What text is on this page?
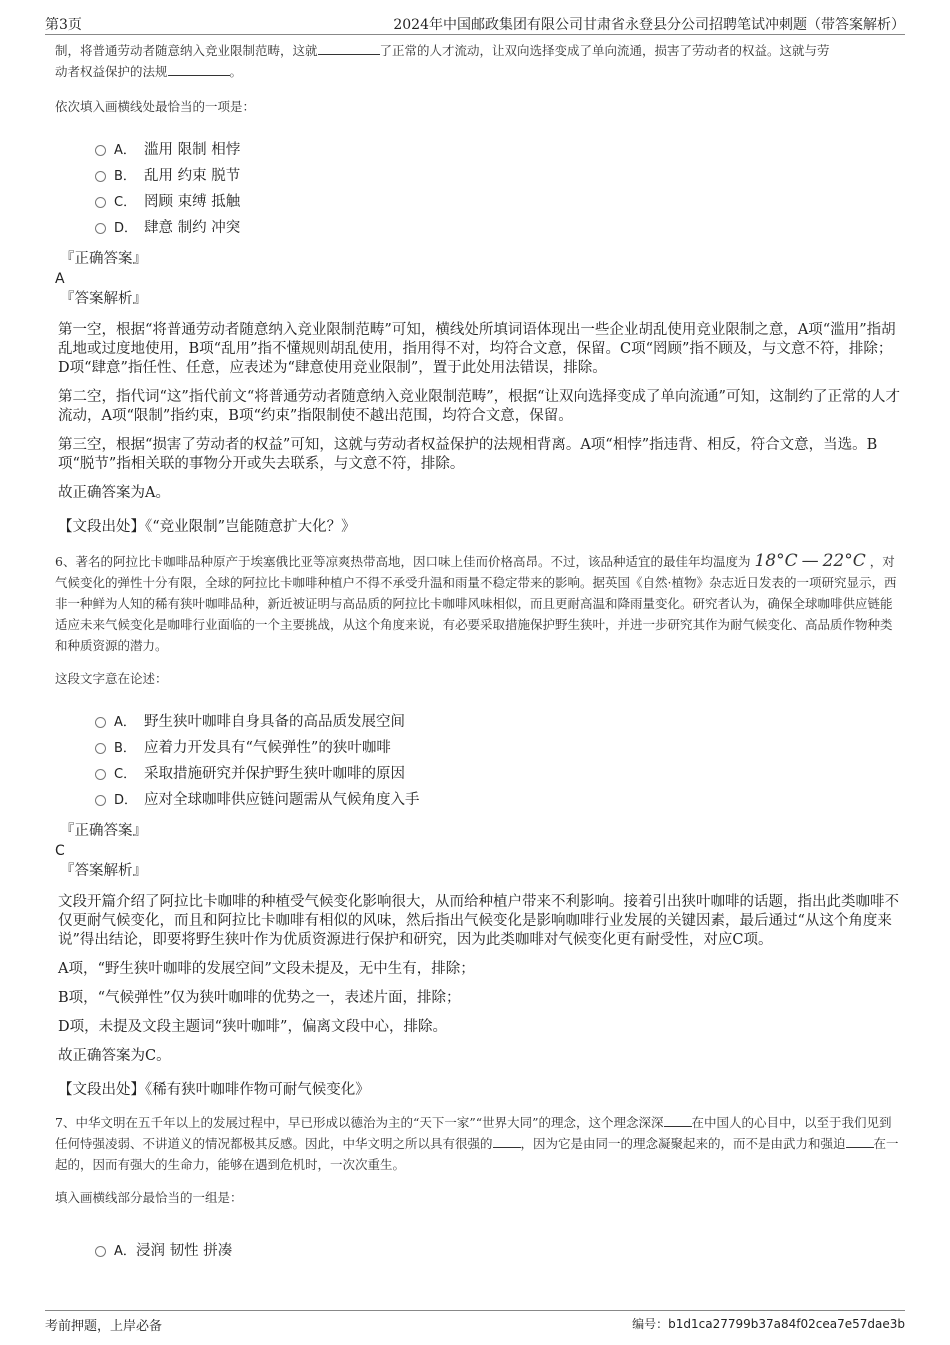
第3页	2024年中国邮政集团有限公司甘肃省永登县分公司招聘笔试冲刺题（带答案解析）

制，将普通劳动者随意纳入竞业限制范畴，这就	了正常的人才流动，让双向选择变成了单向流通，损害了劳动者的权益。这就与劳
动者权益保护的法规	。

依次填入画横线处最恰当的一项是：

A． 滥用 限制 相悖
B． 乱用 约束 脱节
C． 罔顾 束缚 抵触
D． 肆意 制约 冲突

『正确答案』

A

『答案解析』

第一空，根据“将普通劳动者随意纳入竞业限制范畴”可知，横线处所填词语体现出一些企业胡乱使用竞业限制之意，A项“滥用”指胡乱地或过度地使用，B项“乱用”指不懂规则胡乱使用，指用得不对，均符合文意，保留。C项“罔顾”指不顾及，与文意不符，排除；D项“肆意”指任性、任意，应表述为“肆意使用竞业限制”，置于此处用法错误，排除。

第二空，指代词“这”指代前文“将普通劳动者随意纳入竞业限制范畴”，根据“让双向选择变成了单向流通”可知，这制约了正常的人才流动，A项“限制”指约束，B项“约束”指限制使不越出范围，均符合文意，保留。

第三空，根据“损害了劳动者的权益”可知，这就与劳动者权益保护的法规相背离。A项“相悖”指违背、相反，符合文意，当选。B项“脱节”指相关联的事物分开或失去联系，与文意不符，排除。

故正确答案为A。

【文段出处】《“竞业限制”岂能随意扩大化？》

6、著名的阿拉比卡咖啡品种原产于埃塞俄比亚等凉爽热带高地，因口味上佳而价格高昂。不过，该品种适宜的最佳年均温度为 18°C — 22°C ，对气候变化的弹性十分有限，全球的阿拉比卡咖啡种植户不得不承受升温和雨量不稳定带来的影响。据英国《自然·植物》杂志近日发表的一项研究显示，西非一种鲜为人知的稀有狭叶咖啡品种，新近被证明与高品质的阿拉比卡咖啡风味相似，而且更耐高温和降雨量变化。研究者认为，确保全球咖啡供应链能适应未来气候变化是咖啡行业面临的一个主要挑战，从这个角度来说，有必要采取措施保护野生狭叶，并进一步研究其作为耐气候变化、高品质作物种类和种质资源的潜力。

这段文字意在论述：

A． 野生狭叶咖啡自身具备的高品质发展空间
B． 应着力开发具有“气候弹性”的狭叶咖啡
C． 采取措施研究并保护野生狭叶咖啡的原因
D． 应对全球咖啡供应链问题需从气候角度入手

『正确答案』

C

『答案解析』

文段开篇介绍了阿拉比卡咖啡的种植受气候变化影响很大，从而给种植户带来不利影响。接着引出狭叶咖啡的话题，指出此类咖啡不仅更耐气候变化，而且和阿拉比卡咖啡有相似的风味，然后指出气候变化是影响咖啡行业发展的关键因素，最后通过“从这个角度来说”得出结论，即要将野生狭叶作为优质资源进行保护和研究，因为此类咖啡对气候变化更有耐受性，对应C项。

A项，“野生狭叶咖啡的发展空间”文段未提及，无中生有，排除；

B项，“气候弹性”仅为狭叶咖啡的优势之一，表述片面，排除；

D项，未提及文段主题词“狭叶咖啡”，偏离文段中心，排除。

故正确答案为C。

【文段出处】《稀有狭叶咖啡作物可耐气候变化》

7、中华文明在五千年以上的发展过程中，早已形成以德治为主的“天下一家”“世界大同”的理念，这个理念深深 在中国人的心目中，以至于我们见到任何恃强凌弱、不讲道义的情况都极其反感。因此，中华文明之所以具有很强的 ，因为它是由同一的理念凝聚起来的，而不是由武力和强迫 在一起的，因而有强大的生命力，能够在遇到危机时，一次次重生。

填入画横线部分最恰当的一组是：

A． 浸润 韧性 拼凑
考前押题，上岸必备	编号：b1d1ca27799b37a84f02cea7e57dae3b
